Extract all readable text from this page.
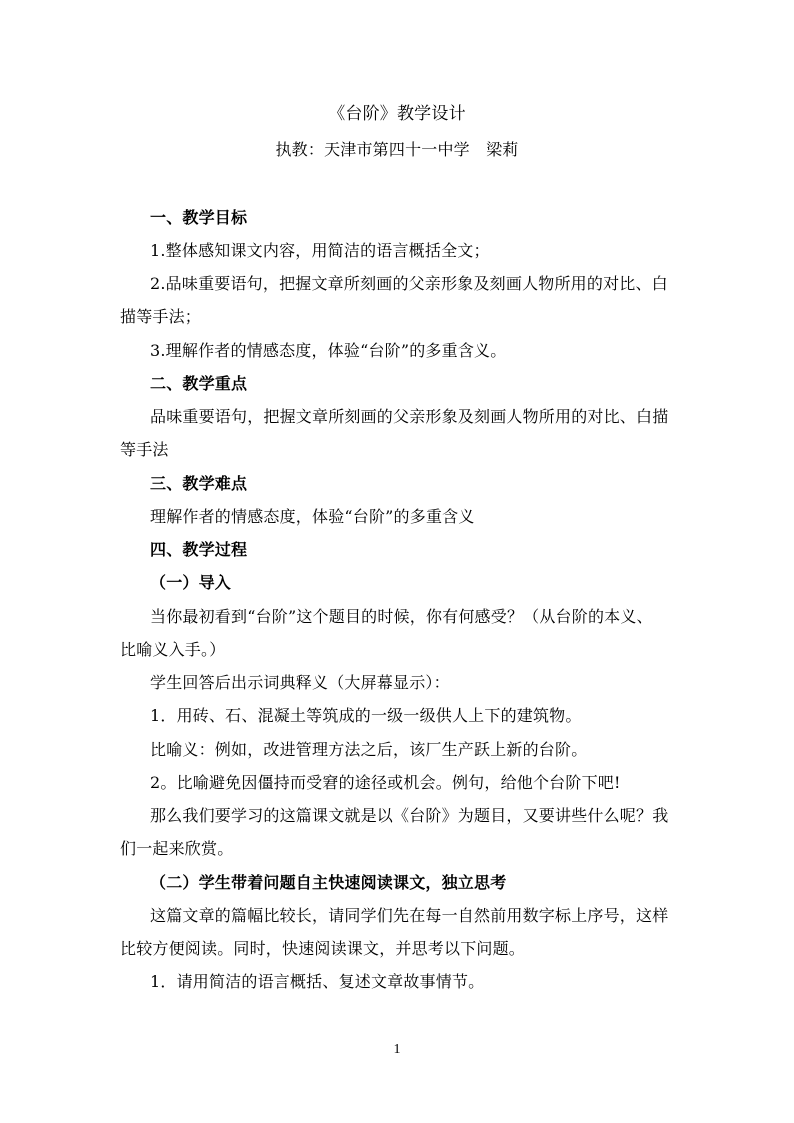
《台阶》教学设计
执教：天津市第四十一中学　梁莉
一、教学目标
1.整体感知课文内容，用简洁的语言概括全文；
2.品味重要语句，把握文章所刻画的父亲形象及刻画人物所用的对比、白
描等手法；
3.理解作者的情感态度，体验“台阶”的多重含义。
二、教学重点
品味重要语句，把握文章所刻画的父亲形象及刻画人物所用的对比、白描
等手法
三、教学难点
理解作者的情感态度，体验“台阶”的多重含义
四、教学过程
（一）导入
当你最初看到“台阶”这个题目的时候，你有何感受？（从台阶的本义、
比喻义入手。）
学生回答后出示词典释义（大屏幕显示）：
1．用砖、石、混凝土等筑成的一级一级供人上下的建筑物。
比喻义：例如，改进管理方法之后，该厂生产跃上新的台阶。
2。比喻避免因僵持而受窘的途径或机会。例句，给他个台阶下吧!
那么我们要学习的这篇课文就是以《台阶》为题目，又要讲些什么呢？我
们一起来欣赏。
（二）学生带着问题自主快速阅读课文，独立思考
这篇文章的篇幅比较长，请同学们先在每一自然前用数字标上序号，这样
比较方便阅读。同时，快速阅读课文，并思考以下问题。
1．请用简洁的语言概括、复述文章故事情节。
1
